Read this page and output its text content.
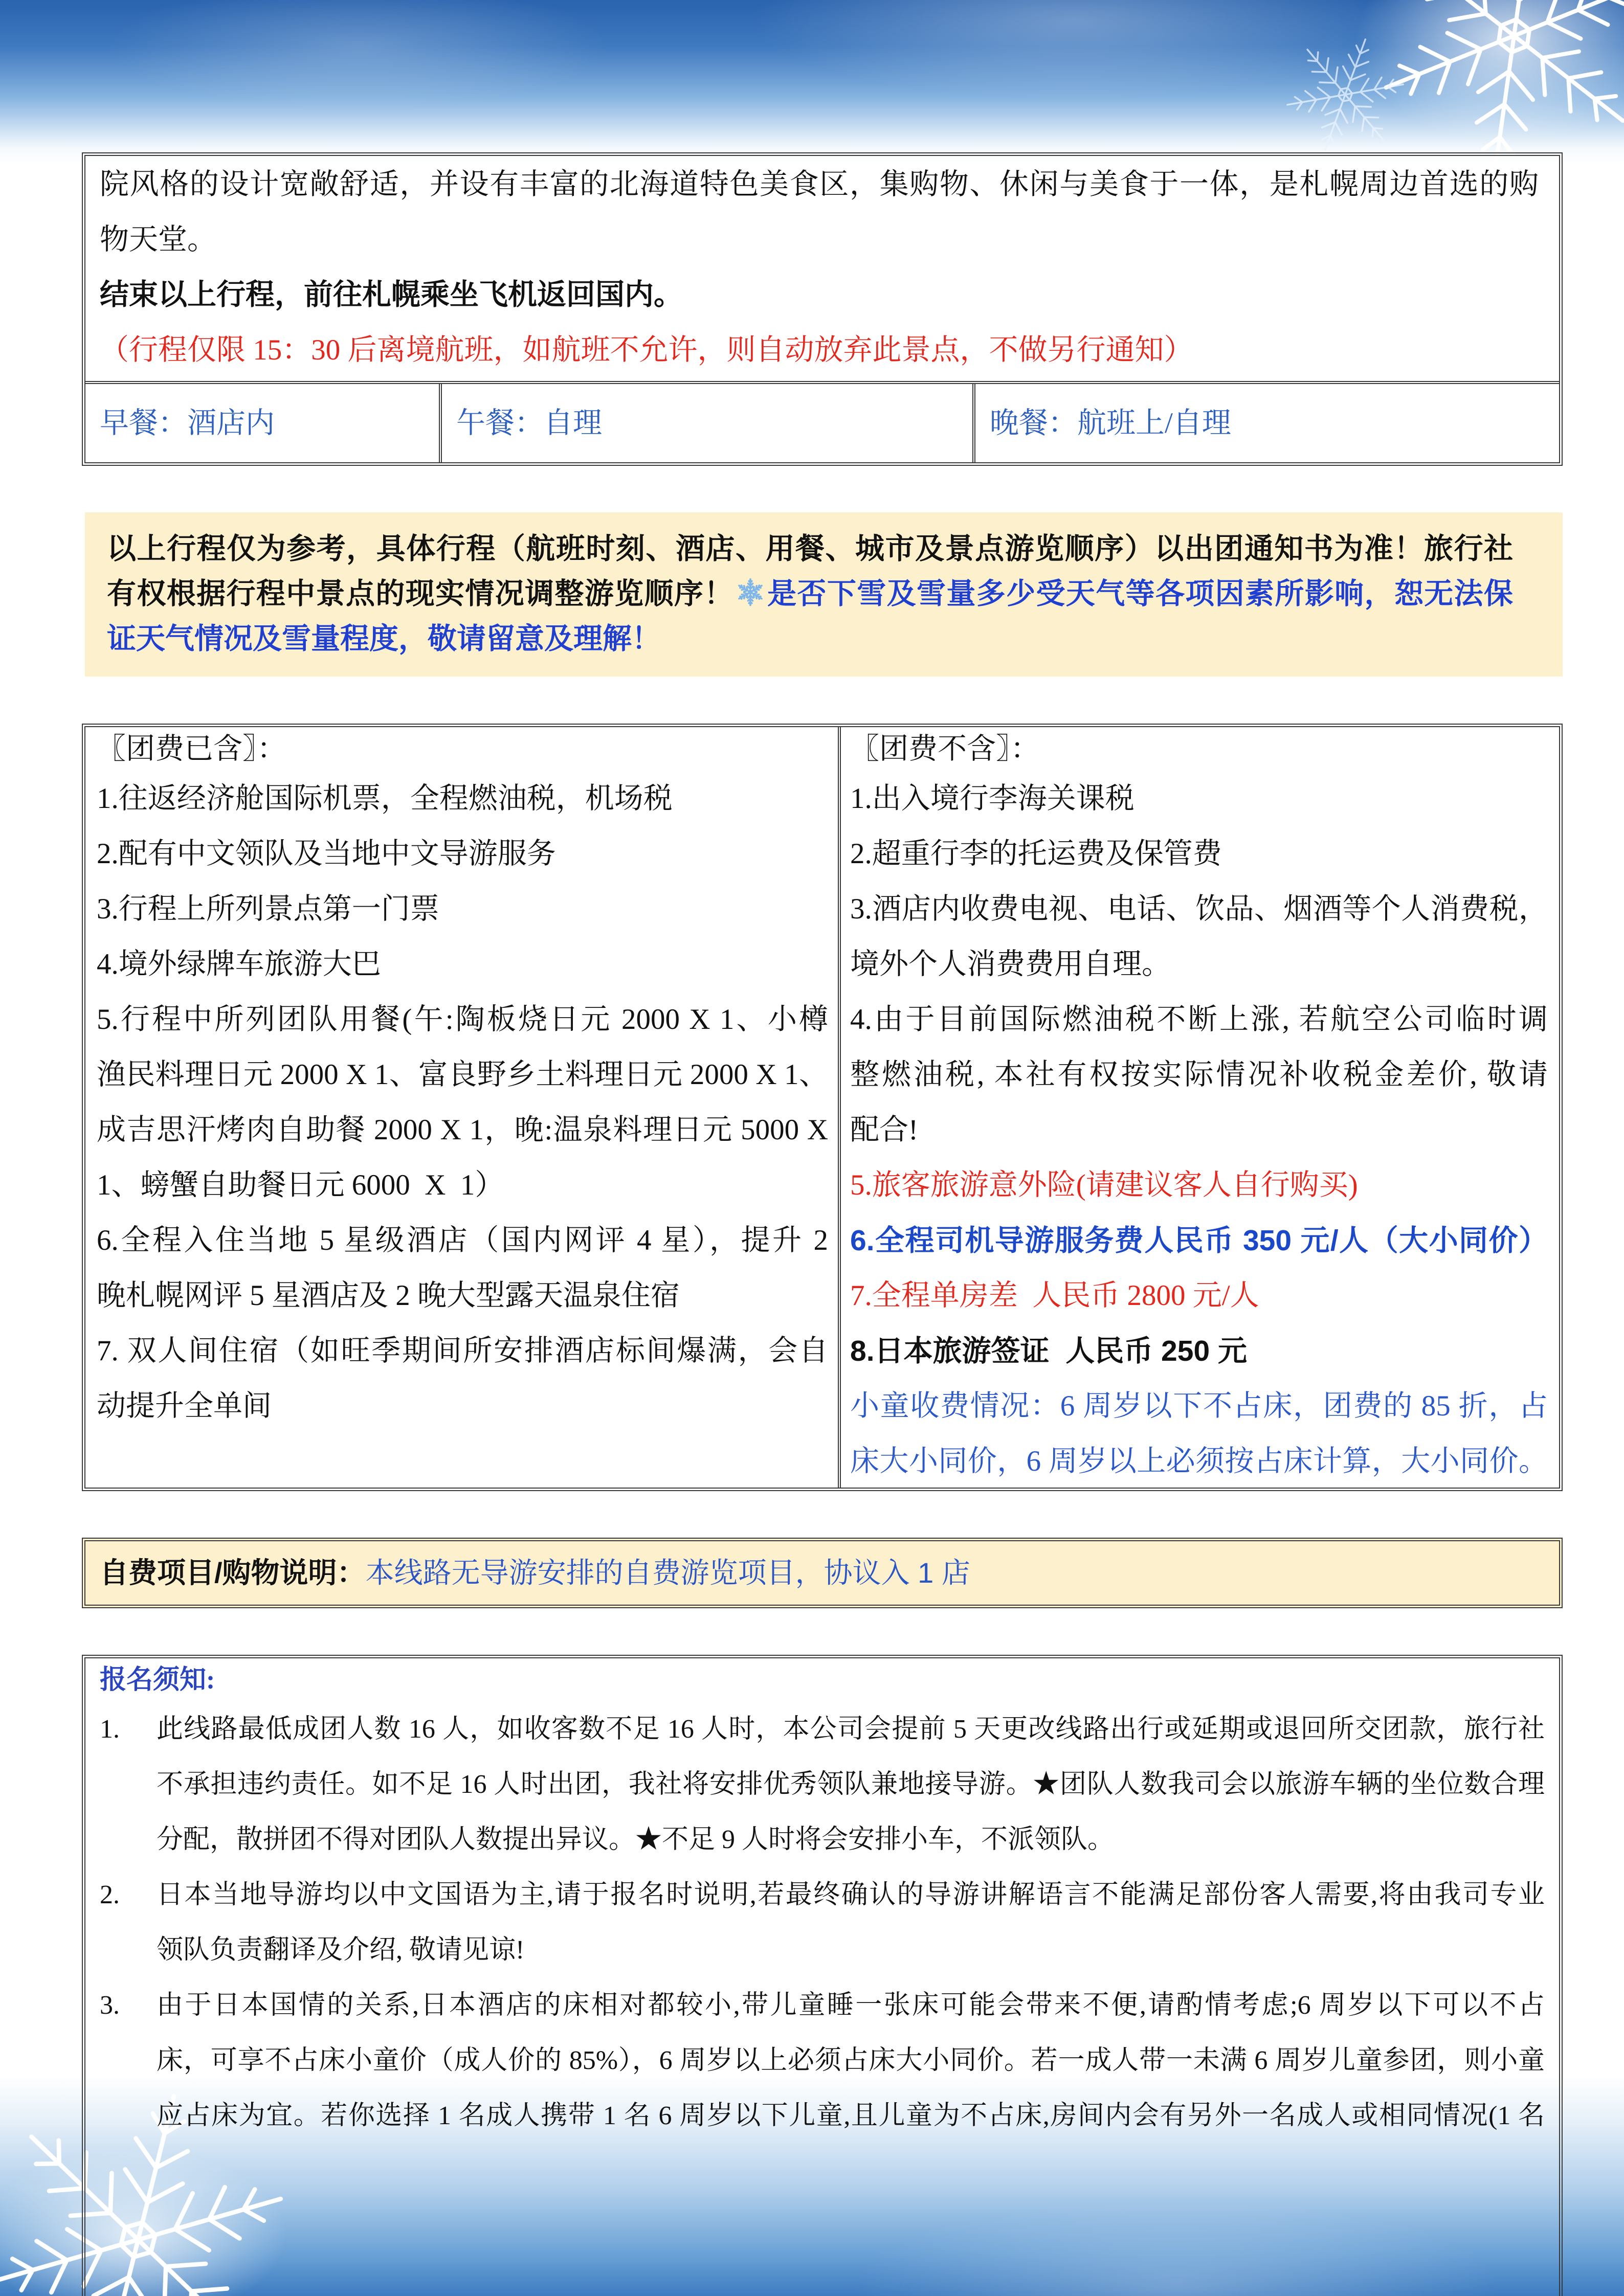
院风格的设计宽敞舒适，并设有丰富的北海道特色美食区，集购物、休闲与美食于一体，是札幌周边首选的购
物天堂。
结束以上行程，前往札幌乘坐飞机返回国内。
（行程仅限 15：30 后离境航班，如航班不允许，则自动放弃此景点，不做另行通知）
早餐：酒店内	午餐：自理	晚餐：航班上/自理
以上行程仅为参考，具体行程（航班时刻、酒店、用餐、城市及景点游览顺序）以出团通知书为准！旅行社
有权根据行程中景点的现实情况调整游览顺序！ 是否下雪及雪量多少受天气等各项因素所影响，恕无法保
证天气情况及雪量程度，敬请留意及理解！
〖团费已含〗：
1.往返经济舱国际机票，全程燃油税，机场税
2.配有中文领队及当地中文导游服务
3.行程上所列景点第一门票
4.境外绿牌车旅游大巴
5.行程中所列团队用餐(午:陶板烧日元 2000 X 1、小樽
渔民料理日元 2000 X 1、富良野乡土料理日元 2000 X 1、
成吉思汗烤肉自助餐 2000 X 1，晚:温泉料理日元 5000 X
1、螃蟹自助餐日元 6000  X  1）
6.全程入住当地 5 星级酒店（国内网评 4 星），提升 2
晚札幌网评 5 星酒店及 2 晚大型露天温泉住宿
7. 双人间住宿（如旺季期间所安排酒店标间爆满，会自
动提升全单间
〖团费不含〗：
1.出入境行李海关课税
2.超重行李的托运费及保管费
3.酒店内收费电视、电话、饮品、烟酒等个人消费税，
境外个人消费费用自理。
4.由于目前国际燃油税不断上涨, 若航空公司临时调
整燃油税, 本社有权按实际情况补收税金差价, 敬请
配合!
5.旅客旅游意外险(请建议客人自行购买)
6.全程司机导游服务费人民币 350 元/人（大小同价）
7.全程单房差  人民币 2800 元/人
8.日本旅游签证  人民币 250 元
小童收费情况：6 周岁以下不占床，团费的 85 折，占
床大小同价，6 周岁以上必须按占床计算，大小同价。
自费项目/购物说明：本线路无导游安排的自费游览项目，协议入 1 店
报名须知:
1.	此线路最低成团人数 16 人，如收客数不足 16 人时，本公司会提前 5 天更改线路出行或延期或退回所交团款，旅行社
不承担违约责任。如不足 16 人时出团，我社将安排优秀领队兼地接导游。★团队人数我司会以旅游车辆的坐位数合理
分配，散拼团不得对团队人数提出异议。★不足 9 人时将会安排小车，不派领队。
2.	日本当地导游均以中文国语为主,请于报名时说明,若最终确认的导游讲解语言不能满足部份客人需要,将由我司专业
领队负责翻译及介绍, 敬请见谅!
3.	由于日本国情的关系,日本酒店的床相对都较小,带儿童睡一张床可能会带来不便,请酌情考虑;6 周岁以下可以不占
床，可享不占床小童价（成人价的 85%），6 周岁以上必须占床大小同价。若一成人带一未满 6 周岁儿童参团，则小童
应占床为宜。若你选择 1 名成人携带 1 名 6 周岁以下儿童,且儿童为不占床,房间内会有另外一名成人或相同情况(1 名
